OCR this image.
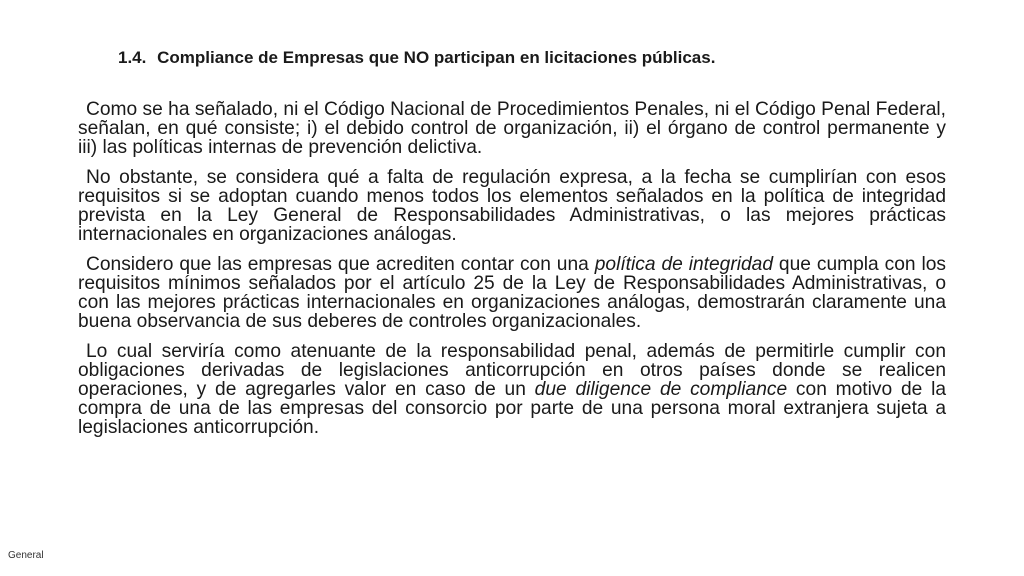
1.4. Compliance de Empresas que NO participan en licitaciones públicas.

Como se ha señalado, ni el Código Nacional de Procedimientos Penales, ni el Código Penal Federal, señalan, en qué consiste; i) el debido control de organización, ii) el órgano de control permanente y iii) las políticas internas de prevención delictiva.

No obstante, se considera qué a falta de regulación expresa, a la fecha se cumplirían con esos requisitos si se adoptan cuando menos todos los elementos señalados en la política de integridad prevista en la Ley General de Responsabilidades Administrativas, o las mejores prácticas internacionales en organizaciones análogas.

Considero que las empresas que acrediten contar con una política de integridad que cumpla con los requisitos mínimos señalados por el artículo 25 de la Ley de Responsabilidades Administrativas, o con las mejores prácticas internacionales en organizaciones análogas, demostrarán claramente una buena observancia de sus deberes de controles organizacionales.

Lo cual serviría como atenuante de la responsabilidad penal, además de permitirle cumplir con obligaciones derivadas de legislaciones anticorrupción en otros países donde se realicen operaciones, y de agregarles valor en caso de un due diligence de compliance con motivo de la compra de una de las empresas del consorcio por parte de una persona moral extranjera sujeta a legislaciones anticorrupción.

General
